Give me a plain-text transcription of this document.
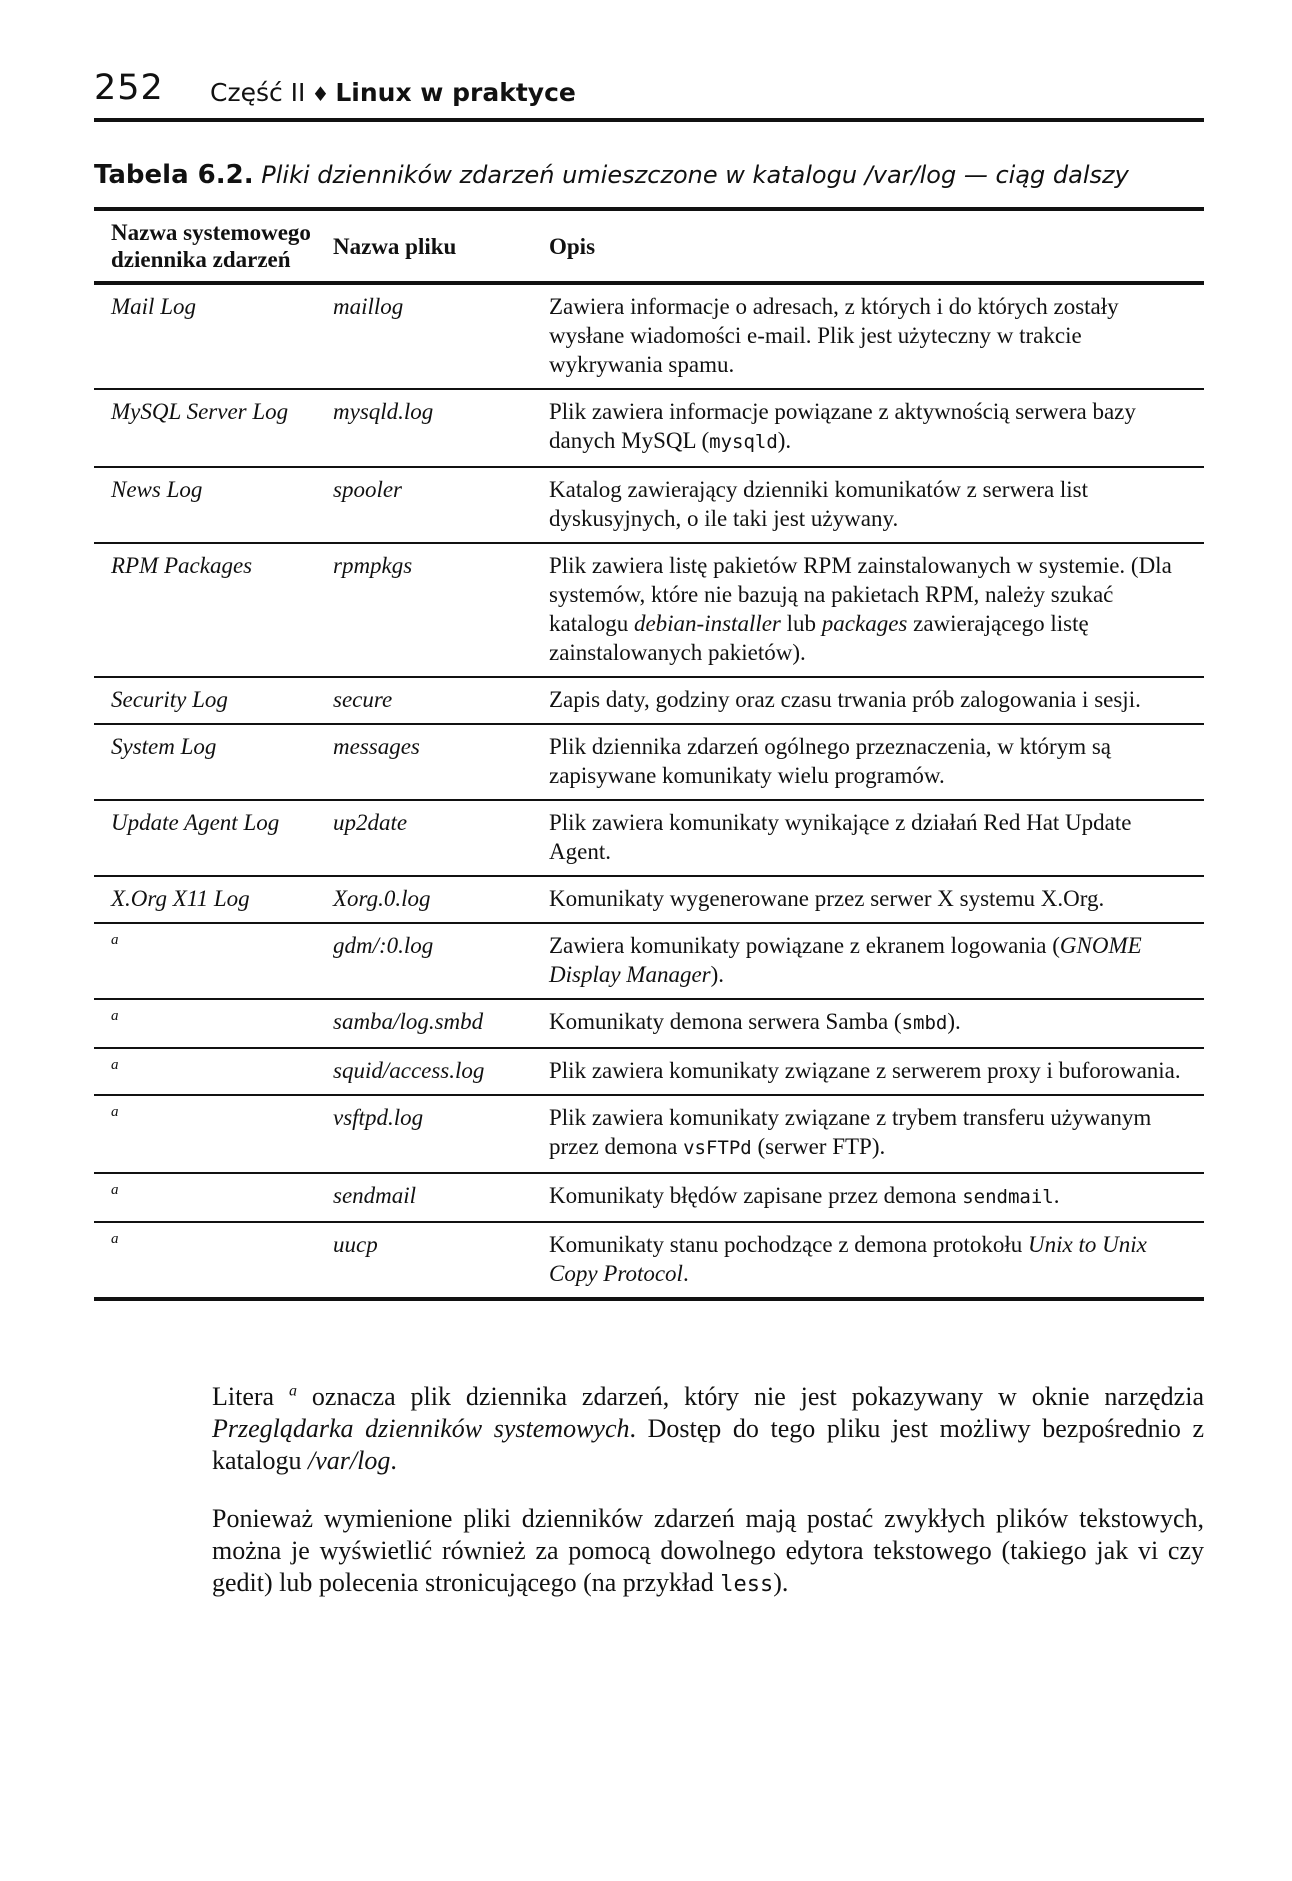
252 Część II ♦ Linux w praktyce
Tabela 6.2. Pliki dzienników zdarzeń umieszczone w katalogu /var/log — ciąg dalszy
Nazwa systemowego dziennika zdarzeń	Nazwa pliku	Opis
Mail Log	maillog	Zawiera informacje o adresach, z których i do których zostały wysłane wiadomości e-mail. Plik jest użyteczny w trakcie wykrywania spamu.
MySQL Server Log	mysqld.log	Plik zawiera informacje powiązane z aktywnością serwera bazy danych MySQL (mysqld).
News Log	spooler	Katalog zawierający dzienniki komunikatów z serwera list dyskusyjnych, o ile taki jest używany.
RPM Packages	rpmpkgs	Plik zawiera listę pakietów RPM zainstalowanych w systemie. (Dla systemów, które nie bazują na pakietach RPM, należy szukać katalogu debian-installer lub packages zawierającego listę zainstalowanych pakietów).
Security Log	secure	Zapis daty, godziny oraz czasu trwania prób zalogowania i sesji.
System Log	messages	Plik dziennika zdarzeń ogólnego przeznaczenia, w którym są zapisywane komunikaty wielu programów.
Update Agent Log	up2date	Plik zawiera komunikaty wynikające z działań Red Hat Update Agent.
X.Org X11 Log	Xorg.0.log	Komunikaty wygenerowane przez serwer X systemu X.Org.
$^a$	gdm/:0.log	Zawiera komunikaty powiązane z ekranem logowania (GNOME Display Manager).
$^a$	samba/log.smbd	Komunikaty demona serwera Samba (smbd).
$^a$	squid/access.log	Plik zawiera komunikaty związane z serwerem proxy i buforowania.
$^a$	vsftpd.log	Plik zawiera komunikaty związane z trybem transferu używanym przez demona vsFTPd (serwer FTP).
$^a$	sendmail	Komunikaty błędów zapisane przez demona sendmail.
$^a$	uucp	Komunikaty stanu pochodzące z demona protokołu Unix to Unix Copy Protocol.

Litera $^a$ oznacza plik dziennika zdarzeń, który nie jest pokazywany w oknie narzędzia Przeglądarka dzienników systemowych. Dostęp do tego pliku jest możliwy bezpośrednio z katalogu /var/log.

Ponieważ wymienione pliki dzienników zdarzeń mają postać zwykłych plików tekstowych, można je wyświetlić również za pomocą dowolnego edytora tekstowego (takiego jak vi czy gedit) lub polecenia stronicującego (na przykład less).
